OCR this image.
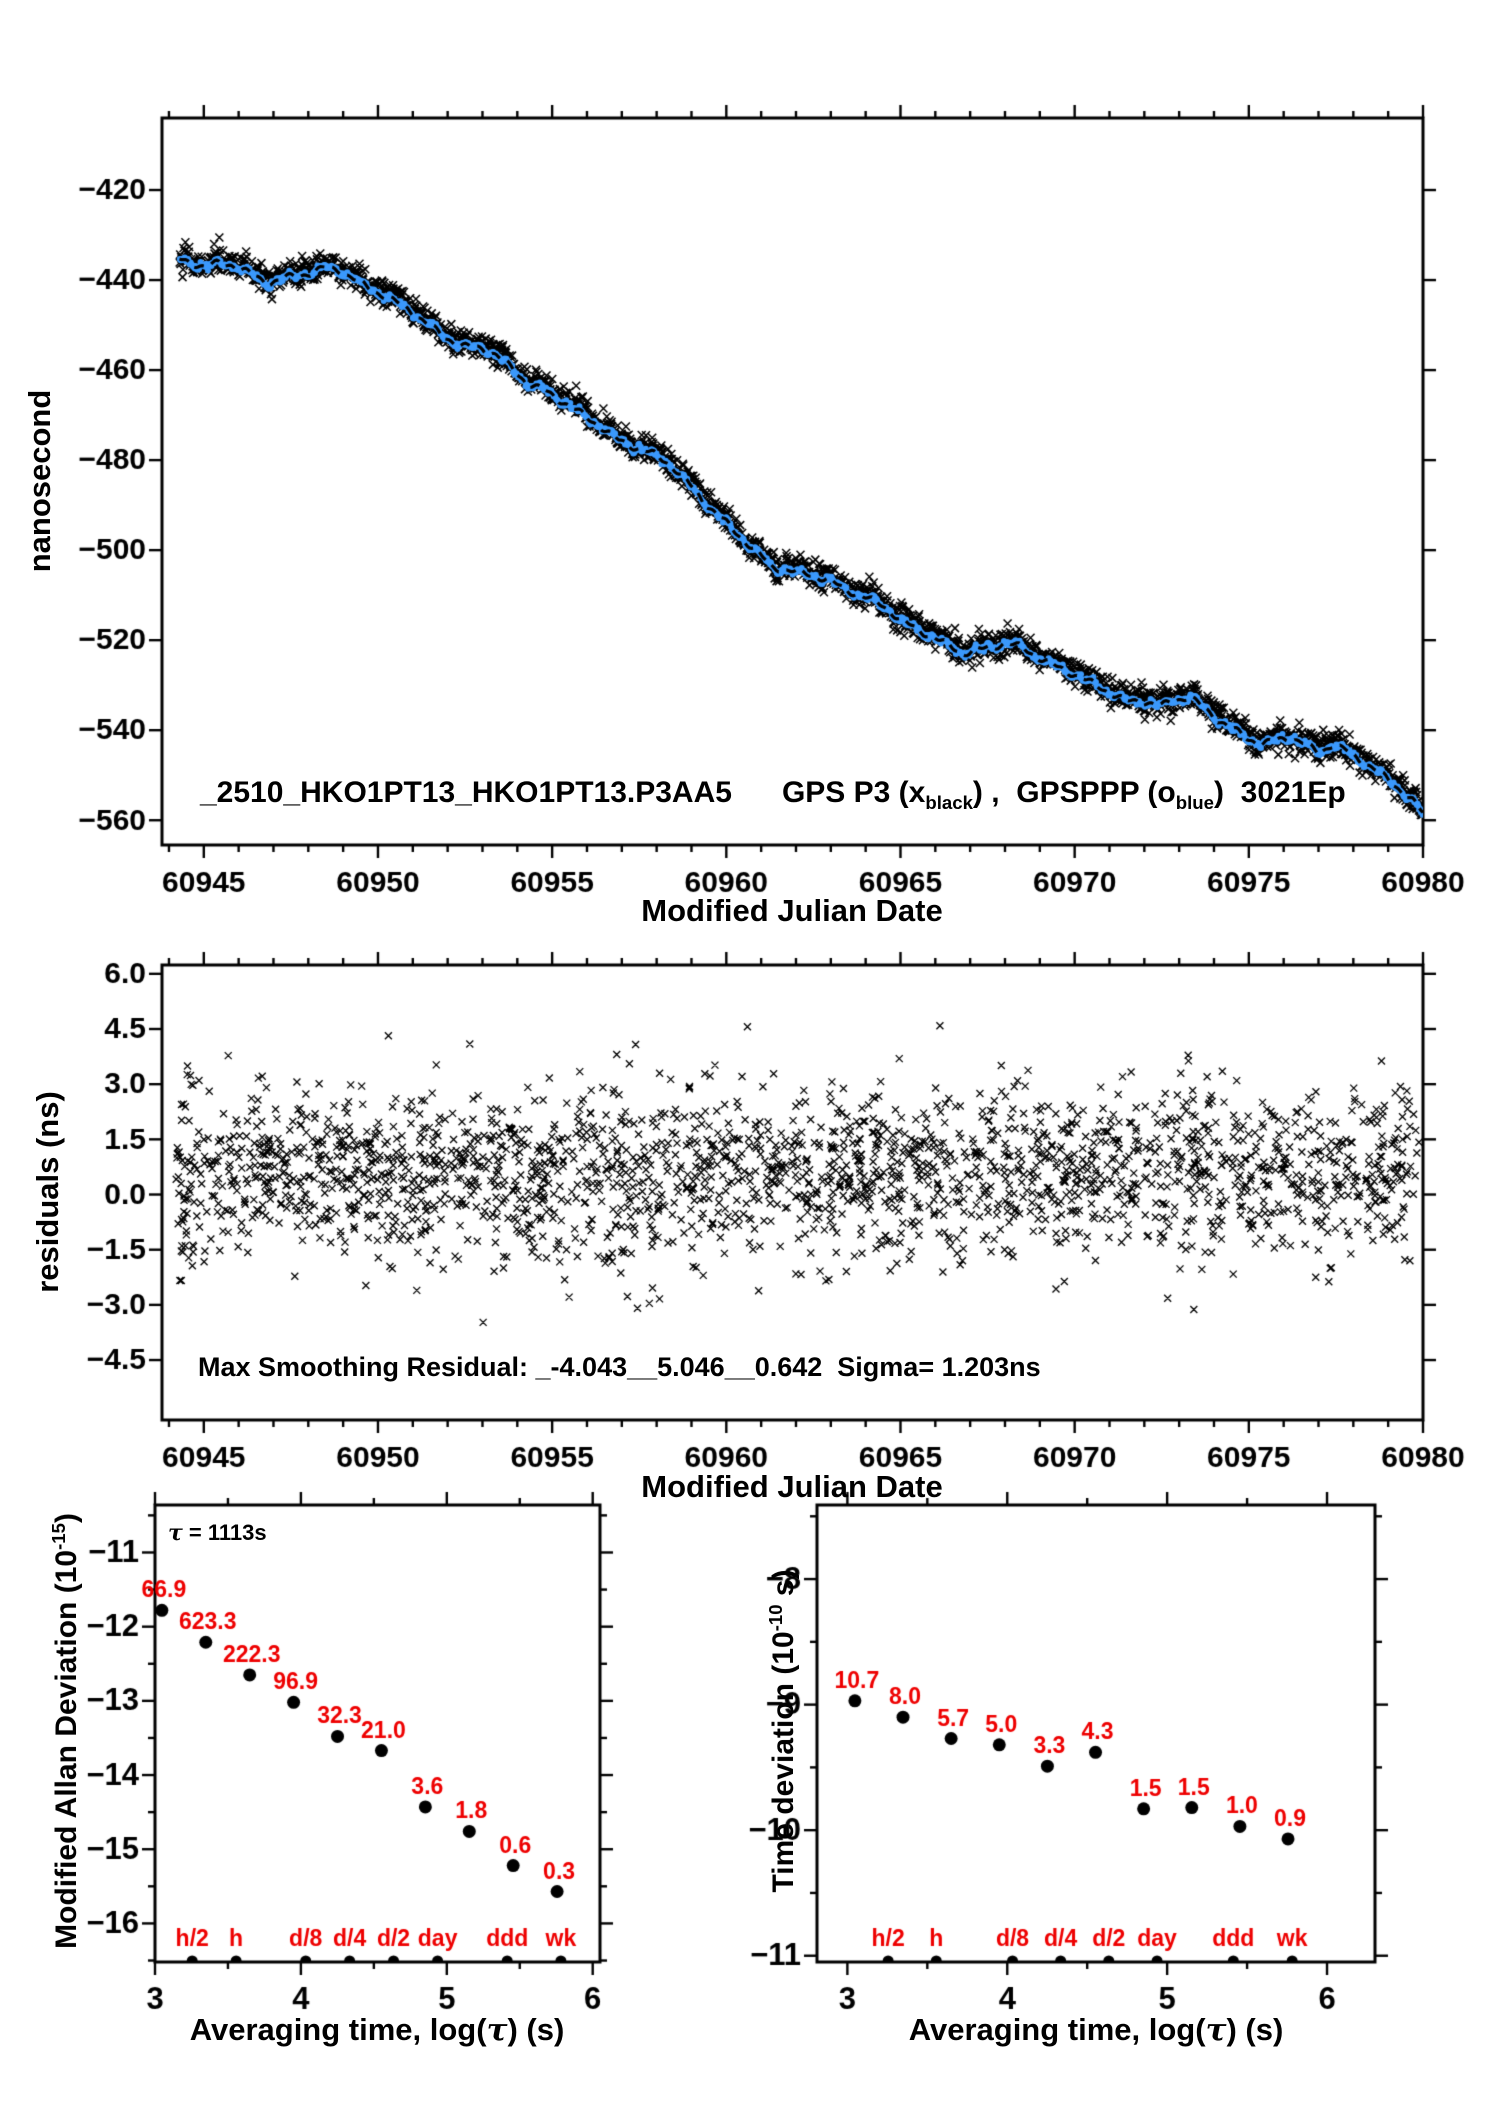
nanosecond
Modified Julian Date
_2510_HKO1PT13_HKO1PT13.P3AA5      GPS P3 $(x_{black})$ ,  GPSPPP $(o_{blue})$  3021Ep
residuals (ns)
Modified Julian Date
Max Smoothing Residual: _-4.043__5.046__0.642  Sigma= 1.203ns
Modified Allan Deviation $(10^{-15})$
Averaging time, log(τ) (s)
τ = 1113s
Time deviation ($10^{-10}$ s)
Averaging time, log(τ) (s)
